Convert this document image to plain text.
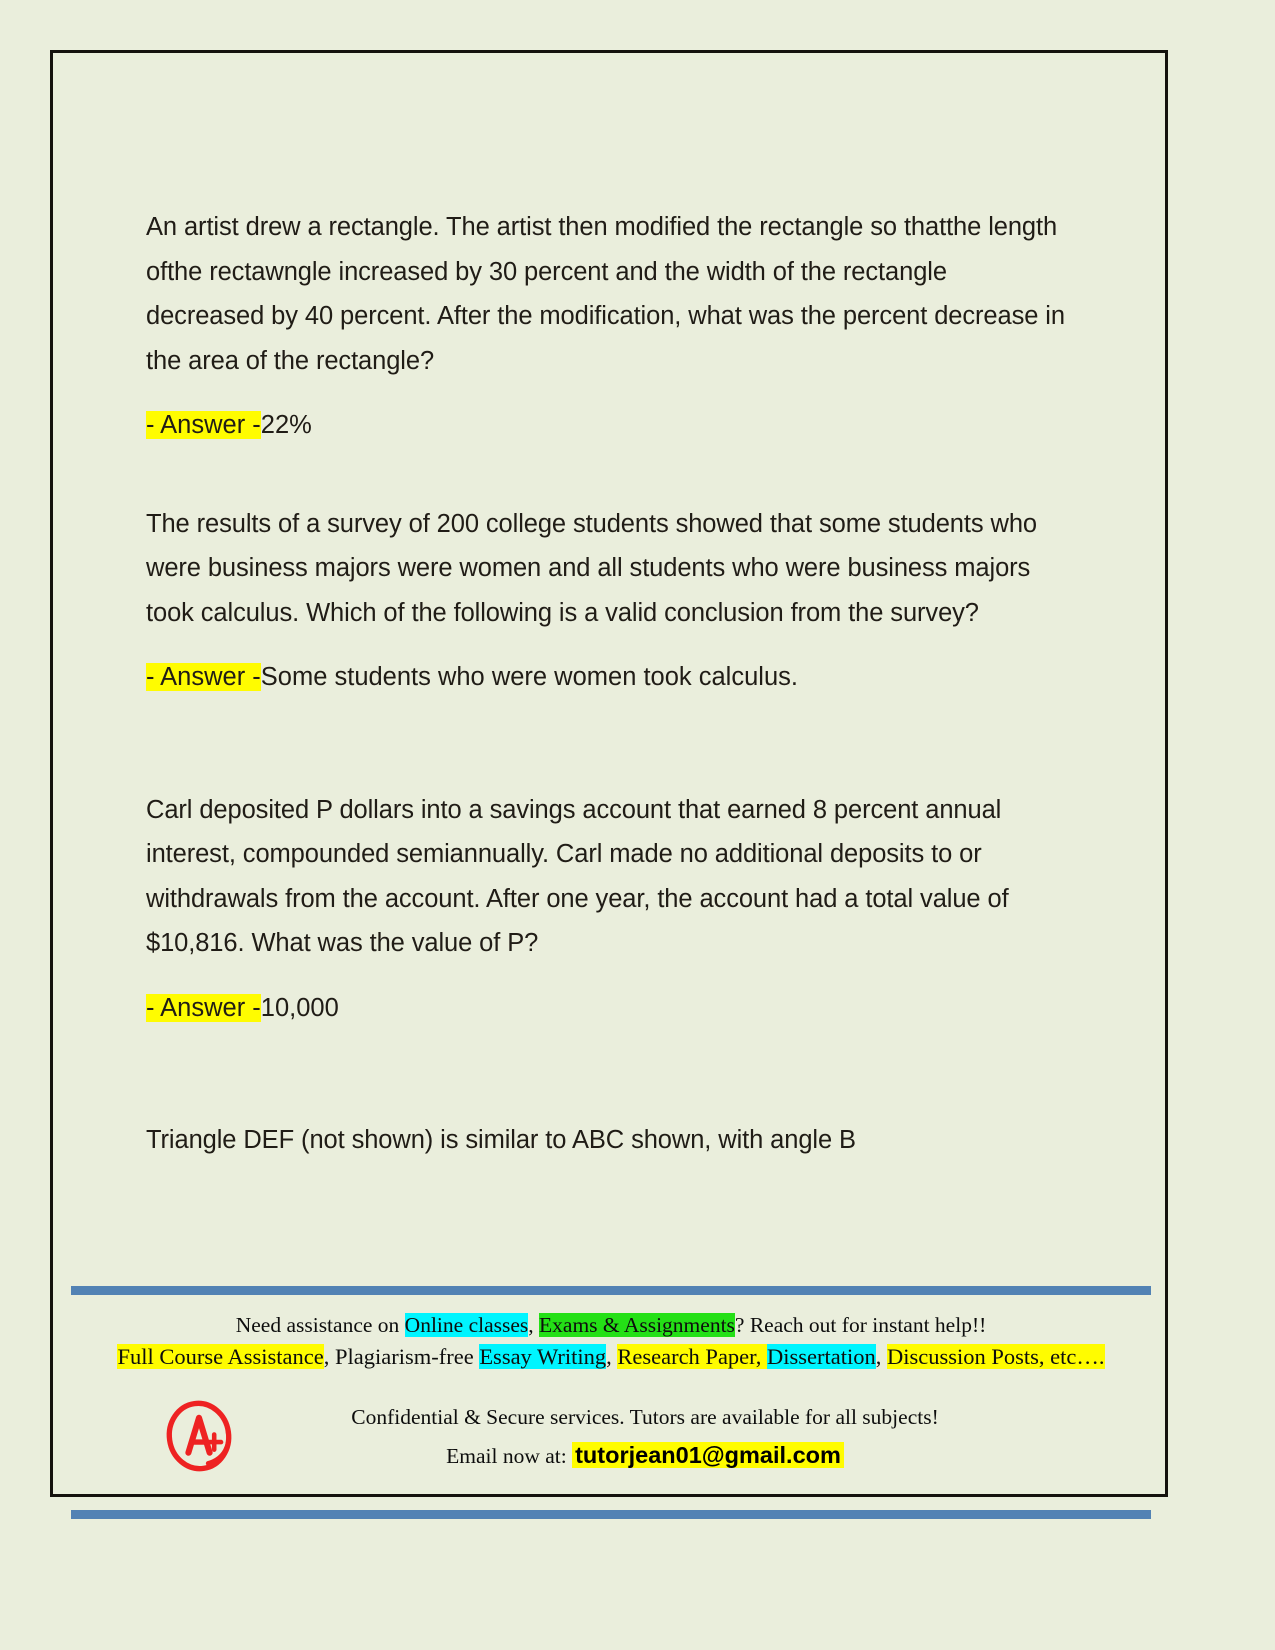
An artist drew a rectangle. The artist then modified the rectangle so thatthe length ofthe rectawngle increased by 30 percent and the width of the rectangle decreased by 40 percent. After the modification, what was the percent decrease in the area of the rectangle?

- Answer -22%

The results of a survey of 200 college students showed that some students who were business majors were women and all students who were business majors took calculus. Which of the following is a valid conclusion from the survey?

- Answer -Some students who were women took calculus.

Carl deposited P dollars into a savings account that earned 8 percent annual interest, compounded semiannually. Carl made no additional deposits to or withdrawals from the account. After one year, the account had a total value of $10,816. What was the value of P?

- Answer -10,000

Triangle DEF (not shown) is similar to ABC shown, with angle B

Need assistance on Online classes, Exams & Assignments? Reach out for instant help!!
Full Course Assistance, Plagiarism-free Essay Writing, Research Paper, Dissertation, Discussion Posts, etc….
Confidential & Secure services. Tutors are available for all subjects!
Email now at: tutorjean01@gmail.com
